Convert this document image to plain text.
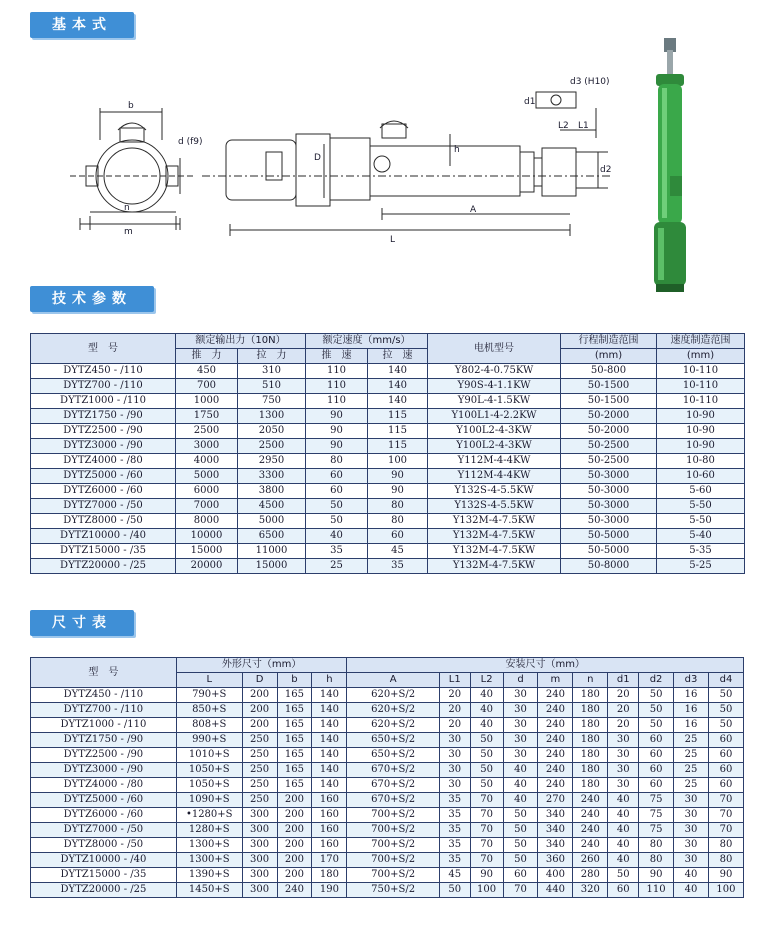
基本式
技术参数
尺寸表
b
n
m
d (f9)
D
h
A
L
L1
L2
d3 (H10)
d1
d2
型　号	额定输出力（10N）		额定速度（mm/s）		电机型号	行程制造范围	速度制造范围
	推　力	拉　力	推　速	拉　速		(mm)	(mm)
DYTZ450 - /110	450	310	110	140	Y802-4-0.75KW	50-800	10-110
DYTZ700 - /110	700	510	110	140	Y90S-4-1.1KW	50-1500	10-110
DYTZ1000 - /110	1000	750	110	140	Y90L-4-1.5KW	50-1500	10-110
DYTZ1750 - /90	1750	1300	90	115	Y100L1-4-2.2KW	50-2000	10-90
DYTZ2500 - /90	2500	2050	90	115	Y100L2-4-3KW	50-2000	10-90
DYTZ3000 - /90	3000	2500	90	115	Y100L2-4-3KW	50-2500	10-90
DYTZ4000 - /80	4000	2950	80	100	Y112M-4-4KW	50-2500	10-80
DYTZ5000 - /60	5000	3300	60	90	Y112M-4-4KW	50-3000	10-60
DYTZ6000 - /60	6000	3800	60	90	Y132S-4-5.5KW	50-3000	5-60
DYTZ7000 - /50	7000	4500	50	80	Y132S-4-5.5KW	50-3000	5-50
DYTZ8000 - /50	8000	5000	50	80	Y132M-4-7.5KW	50-3000	5-50
DYTZ10000 - /40	10000	6500	40	60	Y132M-4-7.5KW	50-5000	5-40
DYTZ15000 - /35	15000	11000	35	45	Y132M-4-7.5KW	50-5000	5-35
DYTZ20000 - /25	20000	15000	25	35	Y132M-4-7.5KW	50-8000	5-25
型　号	外形尺寸（mm）				安装尺寸（mm）									
	L	D	b	h	A	L1	L2	d	m	n	d1	d2	d3	d4
DYTZ450 - /110	790+S	200	165	140	620+S/2	20	40	30	240	180	20	50	16	50
DYTZ700 - /110	850+S	200	165	140	620+S/2	20	40	30	240	180	20	50	16	50
DYTZ1000 - /110	808+S	200	165	140	620+S/2	20	40	30	240	180	20	50	16	50
DYTZ1750 - /90	990+S	250	165	140	650+S/2	30	50	30	240	180	30	60	25	60
DYTZ2500 - /90	1010+S	250	165	140	650+S/2	30	50	30	240	180	30	60	25	60
DYTZ3000 - /90	1050+S	250	165	140	670+S/2	30	50	40	240	180	30	60	25	60
DYTZ4000 - /80	1050+S	250	165	140	670+S/2	30	50	40	240	180	30	60	25	60
DYTZ5000 - /60	1090+S	250	200	160	670+S/2	35	70	40	270	240	40	75	30	70
DYTZ6000 - /60	•1280+S	300	200	160	700+S/2	35	70	50	340	240	40	75	30	70
DYTZ7000 - /50	1280+S	300	200	160	700+S/2	35	70	50	340	240	40	75	30	70
DYTZ8000 - /50	1300+S	300	200	160	700+S/2	35	70	50	340	240	40	80	30	80
DYTZ10000 - /40	1300+S	300	200	170	700+S/2	35	70	50	360	260	40	80	30	80
DYTZ15000 - /35	1390+S	300	200	180	700+S/2	45	90	60	400	280	50	90	40	90
DYTZ20000 - /25	1450+S	300	240	190	750+S/2	50	100	70	440	320	60	110	40	100
